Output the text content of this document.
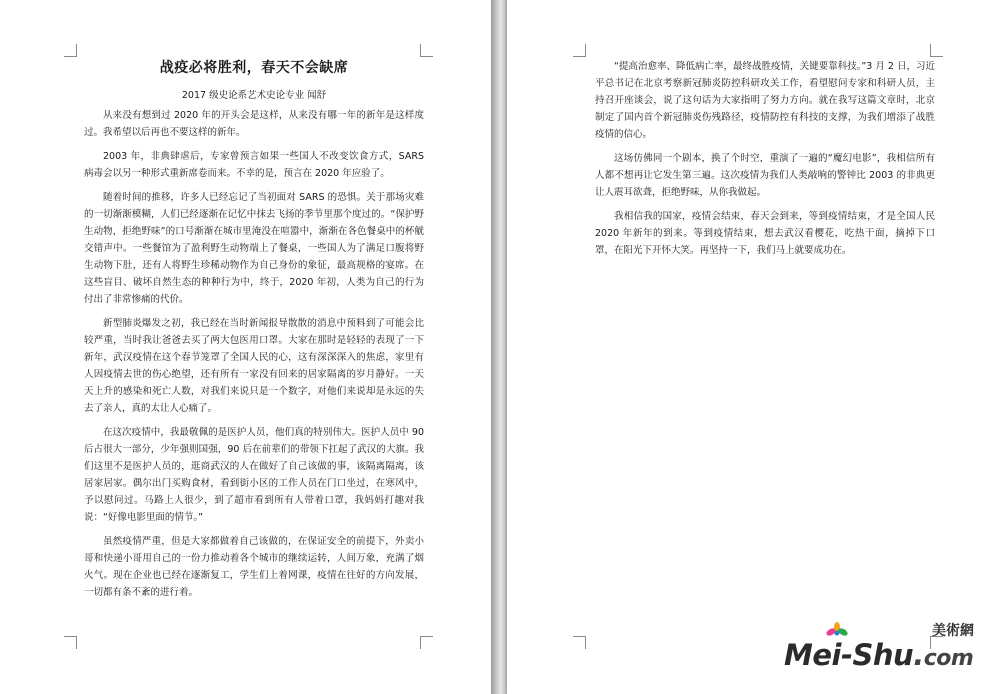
战疫必将胜利，春天不会缺席
2017 级史论系艺术史论专业 闻舒

从来没有想到过 2020 年的开头会是这样，从来没有哪一年的新年是这样度过。我希望以后再也不要这样的新年。

2003 年，非典肆虐后，专家曾预言如果一些国人不改变饮食方式，SARS 病毒会以另一种形式重新席卷而来。不幸的是，预言在 2020 年应验了。

随着时间的推移，许多人已经忘记了当初面对 SARS 的恐惧。关于那场灾难的一切渐渐模糊，人们已经逐渐在记忆中抹去飞扬的季节里那个度过的。“保护野生动物，拒绝野味”的口号渐渐在城市里淹没在喧嚣中，渐渐在各色餐桌中的杯觥交错声中。一些餐馆为了盈利野生动物端上了餐桌，一些国人为了满足口腹将野生动物下肚，还有人将野生珍稀动物作为自己身份的象征，最高规格的宴席。在这些盲目、破坏自然生态的种种行为中，终于，2020 年初，人类为自己的行为付出了非常惨痛的代价。

新型肺炎爆发之初，我已经在当时新闻报导散散的消息中预料到了可能会比较严重，当时我让爸爸去买了两大包医用口罩。大家在那时是轻轻的表现了一下新年，武汉疫情在这个春节笼罩了全国人民的心，这有深深深入的焦虑，家里有人因疫情去世的伤心绝望，还有所有一家没有回来的居家隔离的岁月静好。一天天上升的感染和死亡人数，对我们来说只是一个数字，对他们来说却是永远的失去了亲人，真的太让人心痛了。

在这次疫情中，我最敬佩的是医护人员，他们真的特别伟大。医护人员中 90 后占很大一部分，少年强则国强，90 后在前辈们的带领下扛起了武汉的大旗。我们这里不是医护人员的，逛商武汉的人在做好了自己该做的事，该隔离隔离，该居家居家。偶尔出门买购食材，看到街小区的工作人员在门口坐过，在寒风中，予以慰问过。马路上人很少，到了超市看到所有人带着口罩，我妈妈打趣对我说：“好像电影里面的情节。”

虽然疫情严重，但是大家都做着自己该做的，在保证安全的前提下，外卖小哥和快递小哥用自己的一份力推动着各个城市的继续运转，人间万象，充满了烟火气。现在企业也已经在逐渐复工，学生们上着网课，疫情在往好的方向发展，一切都有条不紊的进行着。

“提高治愈率、降低病亡率，最终战胜疫情，关键要靠科技。”3 月 2 日，习近平总书记在北京考察新冠肺炎防控科研攻关工作，看望慰问专家和科研人员，主持召开座谈会，说了这句话为大家指明了努力方向。就在我写这篇文章时，北京制定了国内首个新冠肺炎伤残路径，疫情防控有科技的支撑，为我们增添了战胜疫情的信心。

这场仿佛同一个剧本，换了个时空，重演了一遍的“魔幻电影”，我相信所有人都不想再让它发生第三遍。这次疫情为我们人类敲响的警钟比 2003 的非典更让人震耳欲聋，拒绝野味，从你我做起。

我相信我的国家，疫情会结束，春天会到来，等到疫情结束，才是全国人民 2020 年新年的到来。等到疫情结束，想去武汉看樱花，吃热干面，摘掉下口罩，在阳光下开怀大笑。再坚持一下，我们马上就要成功在。

美術網
Mei-Shu.com
